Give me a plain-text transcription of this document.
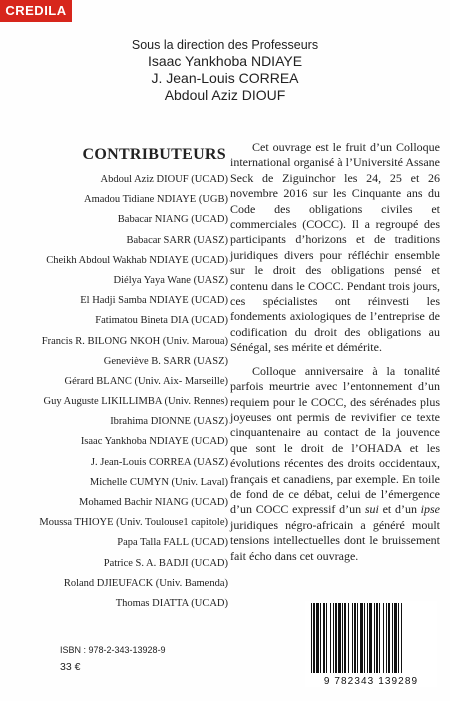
CREDILA
Sous la direction des Professeurs
Isaac Yankhoba NDIAYE
J. Jean-Louis CORREA
Abdoul Aziz DIOUF
CONTRIBUTEURS
Abdoul Aziz DIOUF (UCAD)
Amadou Tidiane NDIAYE (UGB)
Babacar NIANG (UCAD)
Babacar SARR (UASZ)
Cheikh Abdoul Wakhab NDIAYE (UCAD)
Diélya Yaya Wane (UASZ)
El Hadji Samba NDIAYE (UCAD)
Fatimatou Bineta DIA (UCAD)
Francis R. BILONG NKOH (Univ. Maroua)
Geneviève B. SARR (UASZ)
Gérard BLANC (Univ. Aix- Marseille)
Guy Auguste LIKILLIMBA (Univ. Rennes)
Ibrahima DIONNE (UASZ)
Isaac Yankhoba NDIAYE (UCAD)
J. Jean-Louis CORREA (UASZ)
Michelle CUMYN (Univ. Laval)
Mohamed Bachir NIANG (UCAD)
Moussa THIOYE (Univ. Toulouse1 capitole)
Papa Talla FALL (UCAD)
Patrice S. A. BADJI (UCAD)
Roland DJIEUFACK (Univ. Bamenda)
Thomas DIATTA (UCAD)

Cet ouvrage est le fruit d’un Colloque international organisé à l’Université Assane Seck de Ziguinchor les 24, 25 et 26 novembre 2016 sur les Cinquante ans du Code des obligations civiles et commerciales (COCC). Il a regroupé des participants d’horizons et de traditions juridiques divers pour réfléchir ensemble sur le droit des obligations pensé et contenu dans le COCC. Pendant trois jours, ces spécialistes ont réinvesti les fondements axiologiques de l’entreprise de codification du droit des obligations au Sénégal, ses mérite et démérite.

Colloque anniversaire à la tonalité parfois meurtrie avec l’entonnement d’un requiem pour le COCC, des sérénades plus joyeuses ont permis de revivifier ce texte cinquantenaire au contact de la jouvence que sont le droit de l’OHADA et les évolutions récentes des droits occidentaux, français et canadiens, par exemple. En toile de fond de ce débat, celui de l’émergence d’un COCC expressif d’un sui et d’un ipse juridiques négro-africain a généré moult tensions intellectuelles dont le bruissement fait écho dans cet ouvrage.

ISBN : 978-2-343-13928-9
33 €
9 782343 139289
